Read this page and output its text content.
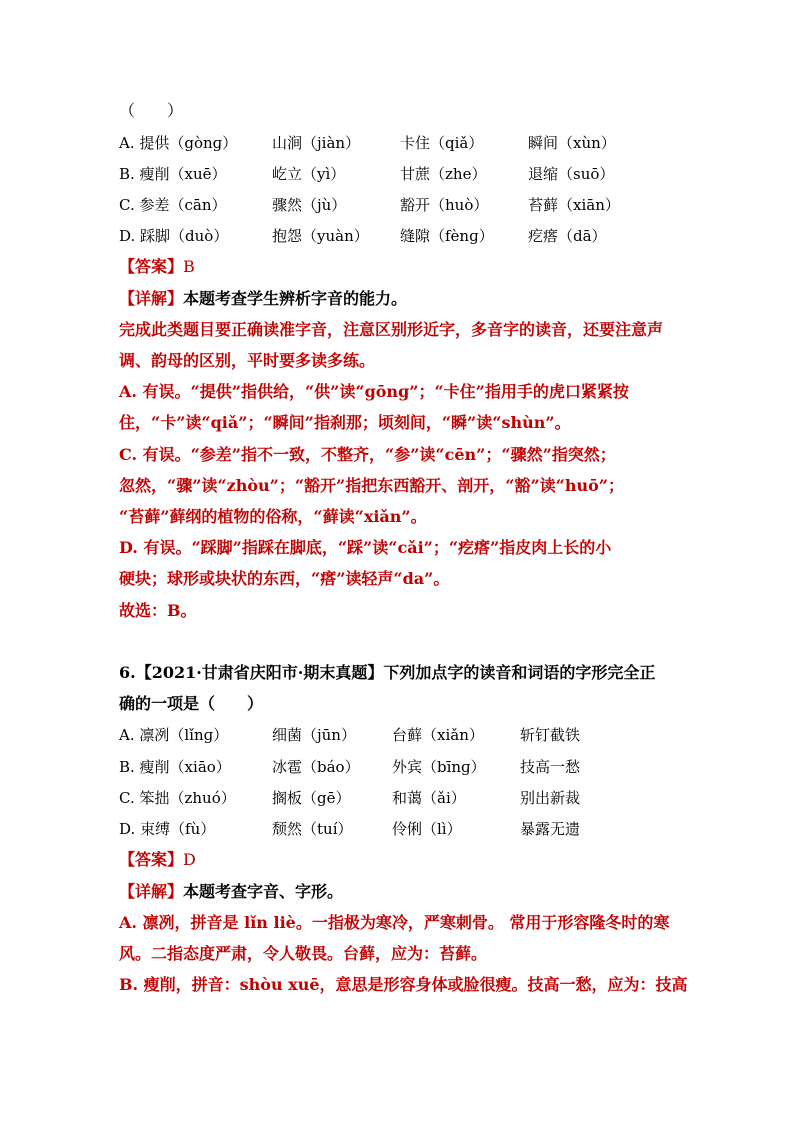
（　　）
A. 提供（gònɡ） 山涧（jiàn）	卡住（qiǎ）	瞬间（xùn）
B. 瘦削（xuē）	屹立（yì）	甘蔗（zhe）	退缩（suō）
C. 参差（cān）	骤然（jù）	豁开（huò）	苔藓（xiān）
D. 踩脚（duò）	抱怨（yuàn） 缝隙（fènɡ） 疙瘩（dā）
【答案】B
【详解】本题考查学生辨析字音的能力。
完成此类题目要正确读准字音，注意区别形近字，多音字的读音，还要注意声
调、韵母的区别，平时要多读多练。
A. 有误。“提供”指供给，“供”读“gōnɡ”；“卡住”指用手的虎口紧紧按
住，“卡”读“qiǎ”；“瞬间”指刹那；顷刻间，“瞬”读“shùn”。
C. 有误。“参差”指不一致，不整齐，“参”读“cēn”；“骤然”指突然；
忽然，“骤”读“zhòu”；“豁开”指把东西豁开、剖开，“豁”读“huō”；
“苔藓”藓纲的植物的俗称，“藓读“xiǎn”。
D. 有误。“踩脚”指踩在脚底，“踩”读“cǎi”；“疙瘩”指皮肉上长的小
硬块；球形或块状的东西，“瘩”读轻声“da”。
故选：B。
6.【2021·甘肃省庆阳市·期末真题】下列加点字的读音和词语的字形完全正
确的一项是（　　）
A. 凛冽（lǐnɡ）	细菌（jūn） 台藓（xiǎn） 斩钉截铁
B. 瘦削（xiāo）	冰雹（báo） 外宾（bīnɡ） 技高一愁
C. 笨拙（zhuó） 搁板（gē）	和蔼（ǎi）	别出新裁
D. 束缚（fù）	颓然（tuí）	伶俐（lì）	暴露无遗
【答案】D
【详解】本题考查字音、字形。
A. 凛冽，拼音是 lǐn liè。一指极为寒冷，严寒刺骨。 常用于形容隆冬时的寒
风。二指态度严肃，令人敬畏。台藓，应为：苔藓。
B. 瘦削，拼音：shòu xuē，意思是形容身体或脸很瘦。技高一愁，应为：技高
